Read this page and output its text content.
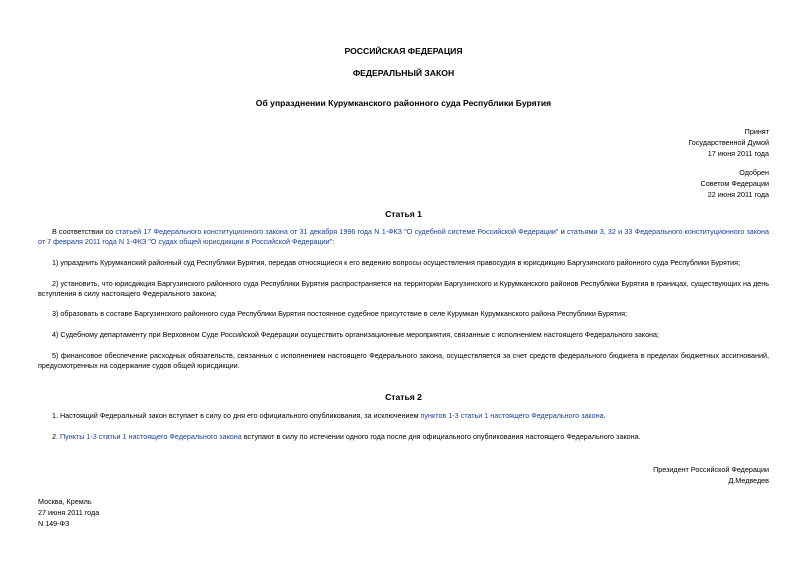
РОССИЙСКАЯ ФЕДЕРАЦИЯ
ФЕДЕРАЛЬНЫЙ ЗАКОН
Об упразднении Курумканского районного суда Республики Бурятия
Принят
Государственной Думой
17 июня 2011 года
Одобрен
Советом Федерации
22 июня 2011 года
Статья 1
В соответствии со статьей 17 Федерального конституционного закона от 31 декабря 1996 года N 1-ФКЗ "О судебной системе Российской Федерации" и статьями 3, 32 и 33 Федерального конституционного закона от 7 февраля 2011 года N 1-ФКЗ "О судах общей юрисдикции в Российской Федерации":
1) упразднить Курумканский районный суд Республики Бурятия, передав относящиеся к его ведению вопросы осуществления правосудия в юрисдикцию Баргузинского районного суда Республики Бурятия;
2) установить, что юрисдикция Баргузинского районного суда Республики Бурятия распространяется на территории Баргузинского и Курумканского районов Республики Бурятия в границах, существующих на день вступления в силу настоящего Федерального закона;
3) образовать в составе Баргузинского районного суда Республики Бурятия постоянное судебное присутствие в селе Курумкан Курумканского района Республики Бурятия;
4) Судебному департаменту при Верховном Суде Российской Федерации осуществить организационные мероприятия, связанные с исполнением настоящего Федерального закона;
5) финансовое обеспечение расходных обязательств, связанных с исполнением настоящего Федерального закона, осуществляется за счет средств федерального бюджета в пределах бюджетных ассигнований, предусмотренных на содержание судов общей юрисдикции.
Статья 2
1. Настоящий Федеральный закон вступает в силу со дня его официального опубликования, за исключением пунктов 1-3 статьи 1 настоящего Федерального закона.
2. Пункты 1-3 статьи 1 настоящего Федерального закона вступают в силу по истечении одного года после дня официального опубликования настоящего Федерального закона.
Президент Российской Федерации
Д.Медведев
Москва, Кремль
27 июня 2011 года
N 149-ФЗ
